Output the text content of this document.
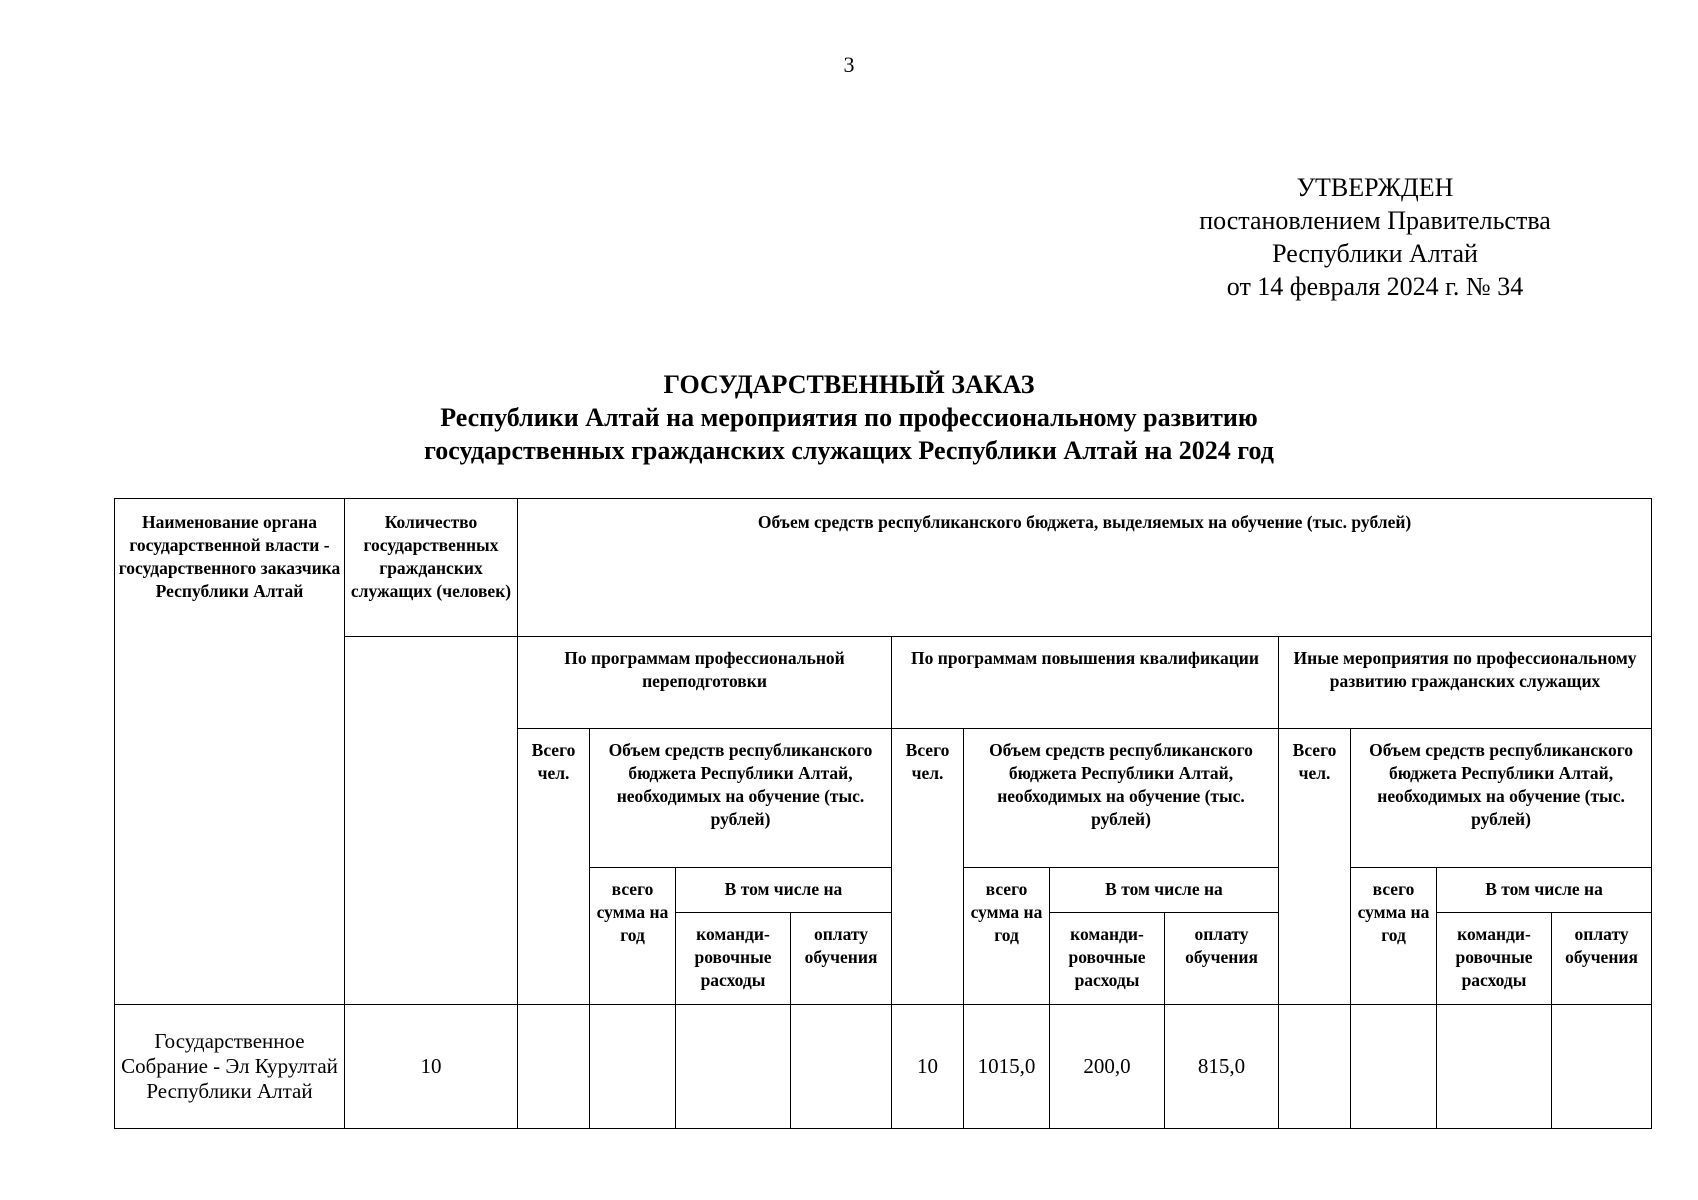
3
УТВЕРЖДЕН
постановлением Правительства
Республики Алтай
от 14 февраля 2024 г. № 34
ГОСУДАРСТВЕННЫЙ ЗАКАЗ
Республики Алтай на мероприятия по профессиональному развитию
государственных гражданских служащих Республики Алтай на 2024 год
Наименование органа государственной власти - государственного заказчика Республики Алтай	Количество государственных гражданских служащих (человек)	Объем средств республиканского бюджета, выделяемых на обучение (тыс. рублей)											
		По программам профессиональной переподготовки				По программам повышения квалификации				Иные мероприятия по профессиональному развитию гражданских служащих			
		Всего чел.	Объем средств республиканского бюджета Республики Алтай, необходимых на обучение (тыс. рублей)			Всего чел.	Объем средств республиканского бюджета Республики Алтай, необходимых на обучение (тыс. рублей)			Всего чел.	Объем средств республиканского бюджета Республики Алтай, необходимых на обучение (тыс. рублей)		
			всего сумма на год	В том числе на			всего сумма на год	В том числе на			всего сумма на год	В том числе на	
				команди-ровочные расходы	оплату обучения			команди-ровочные расходы	оплату обучения			команди-ровочные расходы	оплату обучения
Государственное Собрание - Эл Курултай Республики Алтай	10					10	1015,0	200,0	815,0				
